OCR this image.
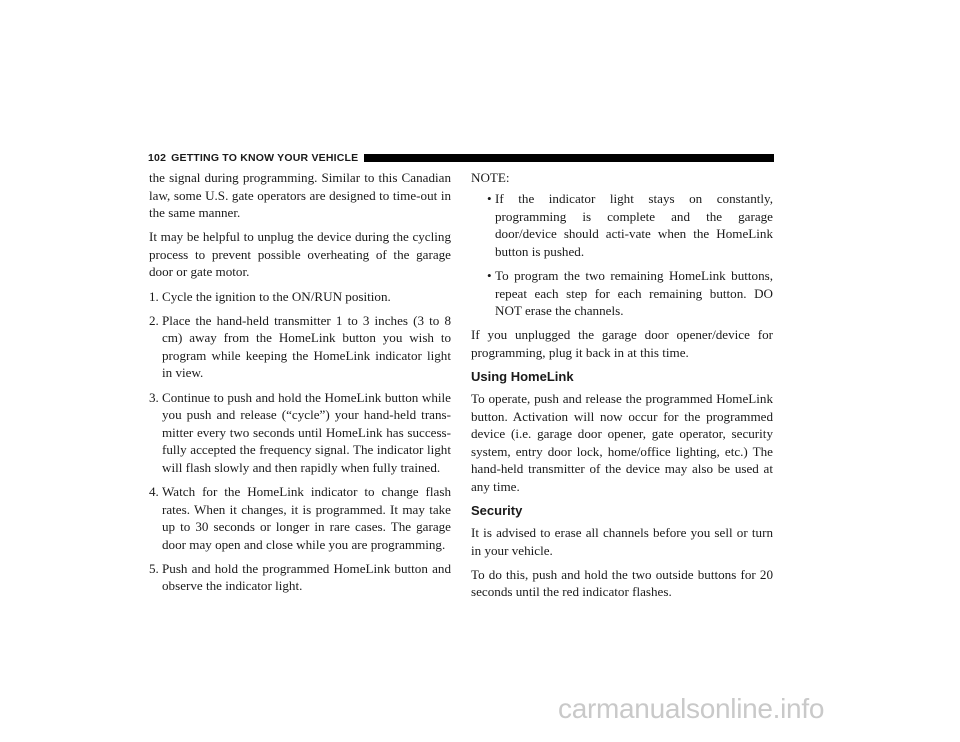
102 GETTING TO KNOW YOUR VEHICLE

the signal during programming. Similar to this Canadian law, some U.S. gate operators are designed to time-out in the same manner.

It may be helpful to unplug the device during the cycling process to prevent possible overheating of the garage door or gate motor.

1. Cycle the ignition to the ON/RUN position.
2. Place the hand-held transmitter 1 to 3 inches (3 to 8 cm) away from the HomeLink button you wish to program while keeping the HomeLink indicator light in view.
3. Continue to push and hold the HomeLink button while you push and release (“cycle”) your hand-held trans-mitter every two seconds until HomeLink has success-fully accepted the frequency signal. The indicator light will flash slowly and then rapidly when fully trained.
4. Watch for the HomeLink indicator to change flash rates. When it changes, it is programmed. It may take up to 30 seconds or longer in rare cases. The garage door may open and close while you are programming.
5. Push and hold the programmed HomeLink button and observe the indicator light.

NOTE:

• If the indicator light stays on constantly, programming is complete and the garage door/device should acti-vate when the HomeLink button is pushed.
• To program the two remaining HomeLink buttons, repeat each step for each remaining button. DO NOT erase the channels.

If you unplugged the garage door opener/device for programming, plug it back in at this time.

Using HomeLink

To operate, push and release the programmed HomeLink button. Activation will now occur for the programmed device (i.e. garage door opener, gate operator, security system, entry door lock, home/office lighting, etc.) The hand-held transmitter of the device may also be used at any time.

Security

It is advised to erase all channels before you sell or turn in your vehicle.

To do this, push and hold the two outside buttons for 20 seconds until the red indicator flashes.

carmanualsonline.info
